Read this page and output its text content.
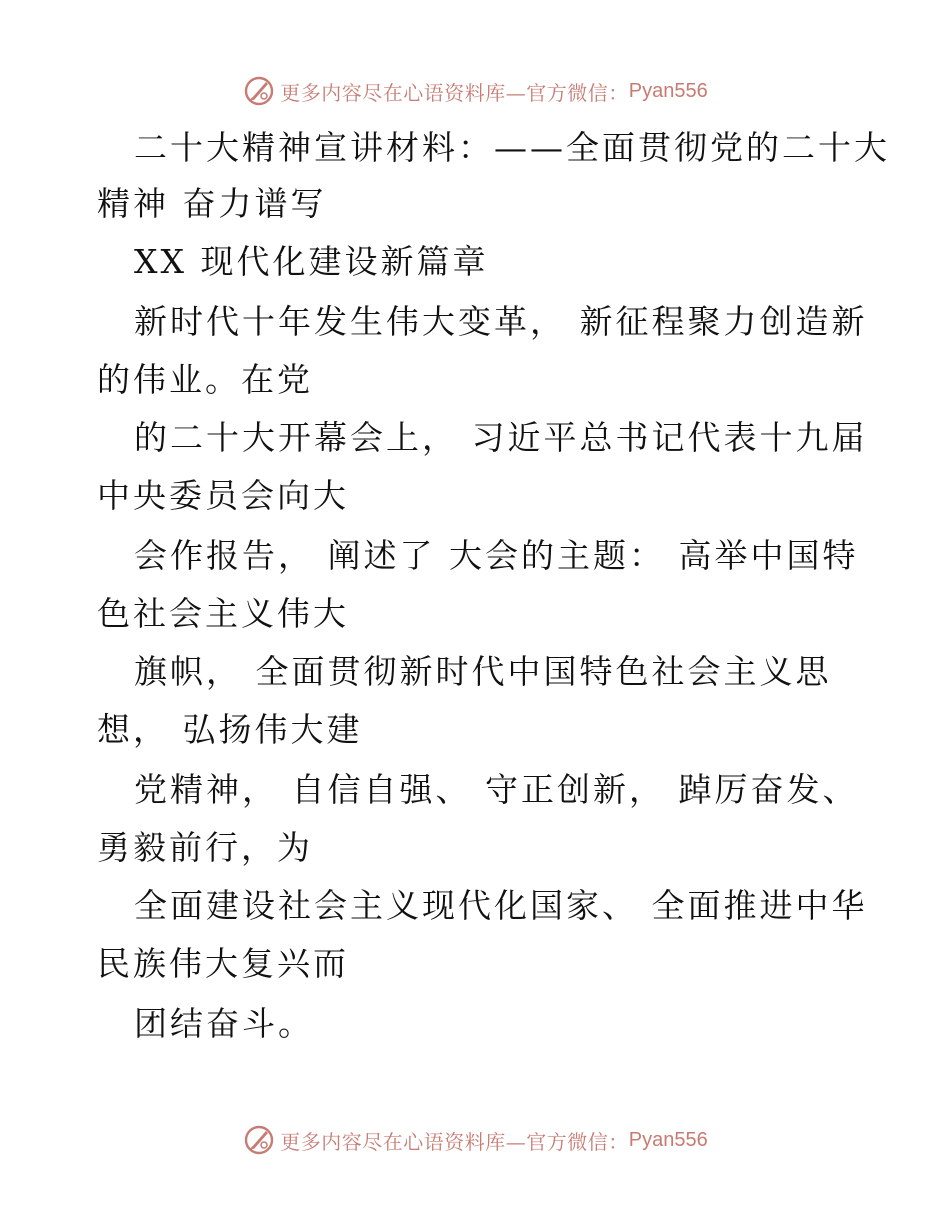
更多内容尽在心语资料库—官方微信： Pyan556
二十大精神宣讲材料：——全面贯彻党的二十大
精神 奋力谱写
XX 现代化建设新篇章
新时代十年发生伟大变革， 新征程聚力创造新
的伟业。在党
的二十大开幕会上， 习近平总书记代表十九届
中央委员会向大
会作报告， 阐述了 大会的主题： 高举中国特
色社会主义伟大
旗帜， 全面贯彻新时代中国特色社会主义思
想， 弘扬伟大建
党精神， 自信自强、 守正创新， 踔厉奋发、
勇毅前行，为
全面建设社会主义现代化国家、 全面推进中华
民族伟大复兴而
团结奋斗。
更多内容尽在心语资料库—官方微信： Pyan556
